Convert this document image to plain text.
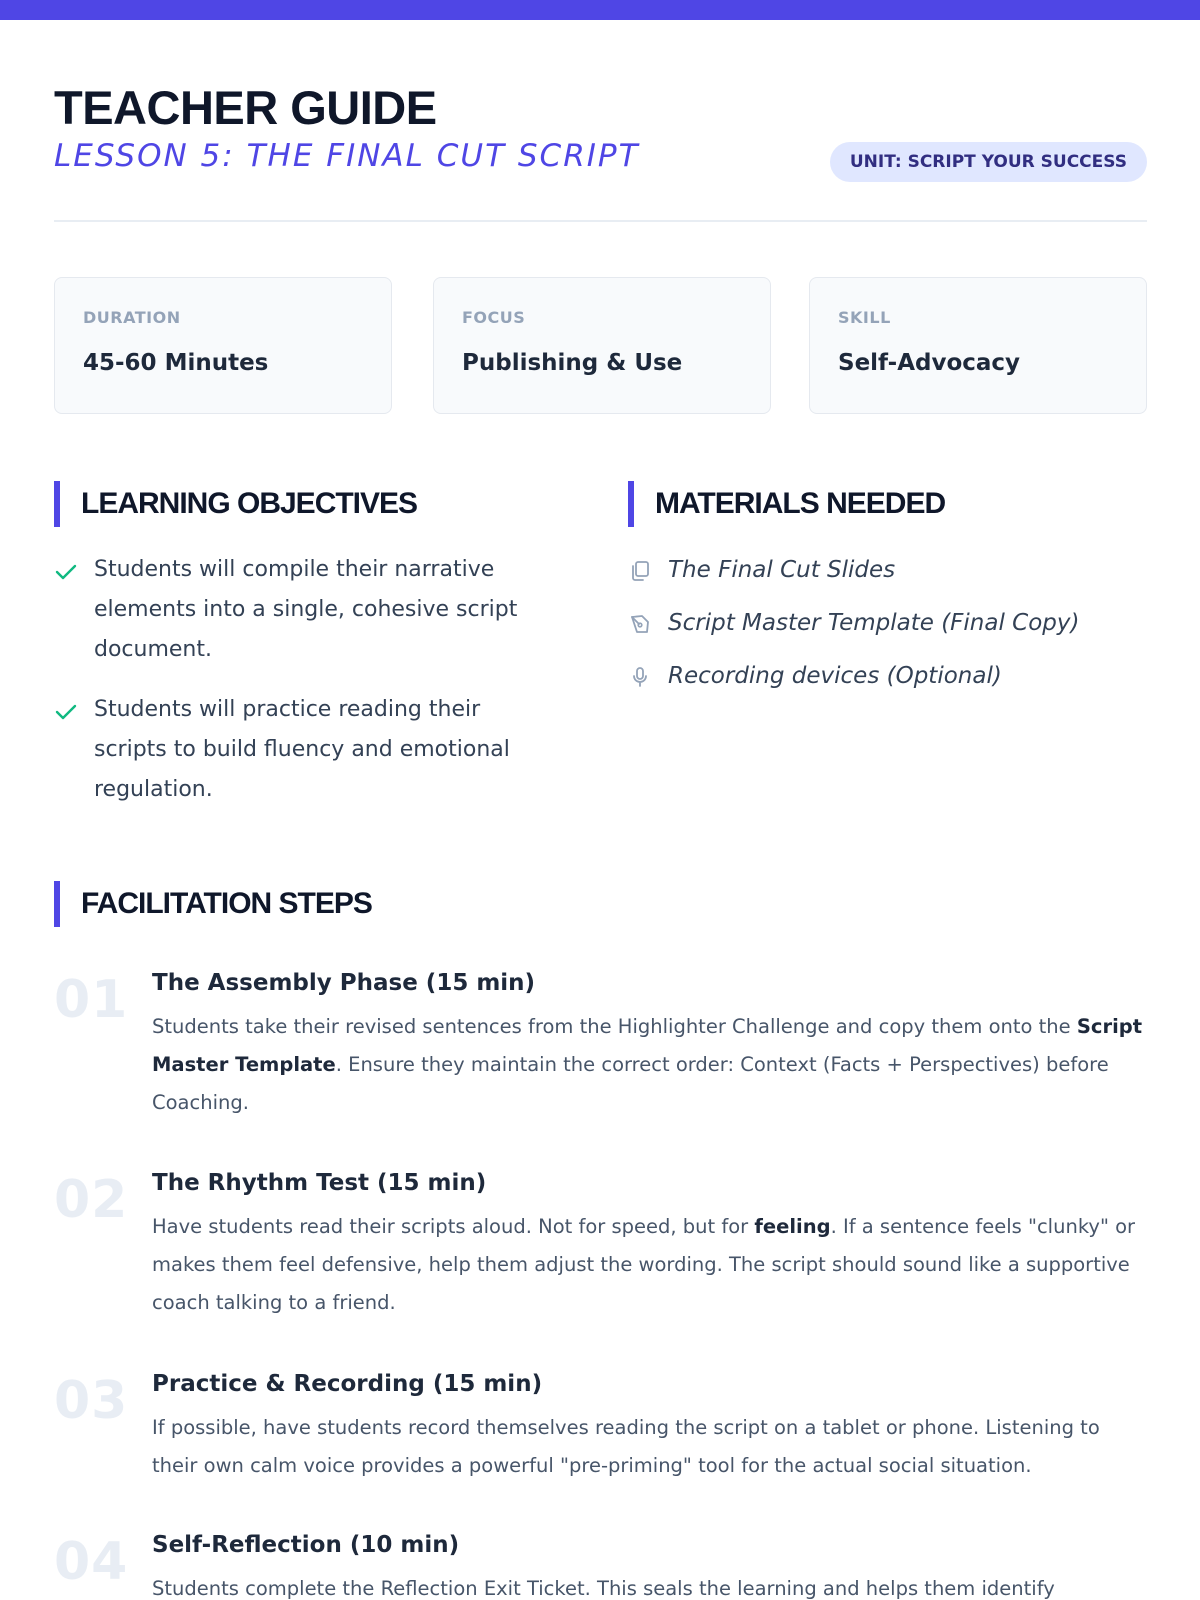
TEACHER GUIDE
LESSON 5: THE FINAL CUT SCRIPT	UNIT: SCRIPT YOUR SUCCESS
DURATION
45-60 Minutes
FOCUS
Publishing & Use
SKILL
Self-Advocacy
LEARNING OBJECTIVES
Students will compile their narrative elements into a single, cohesive script document.
Students will practice reading their scripts to build fluency and emotional regulation.
MATERIALS NEEDED
The Final Cut Slides
Script Master Template (Final Copy)
Recording devices (Optional)
FACILITATION STEPS
01 The Assembly Phase (15 min)
Students take their revised sentences from the Highlighter Challenge and copy them onto the Script Master Template. Ensure they maintain the correct order: Context (Facts + Perspectives) before Coaching.
02 The Rhythm Test (15 min)
Have students read their scripts aloud. Not for speed, but for feeling. If a sentence feels "clunky" or makes them feel defensive, help them adjust the wording. The script should sound like a supportive coach talking to a friend.
03 Practice & Recording (15 min)
If possible, have students record themselves reading the script on a tablet or phone. Listening to their own calm voice provides a powerful "pre-priming" tool for the actual social situation.
04 Self-Reflection (10 min)
Students complete the Reflection Exit Ticket. This seals the learning and helps them identify
